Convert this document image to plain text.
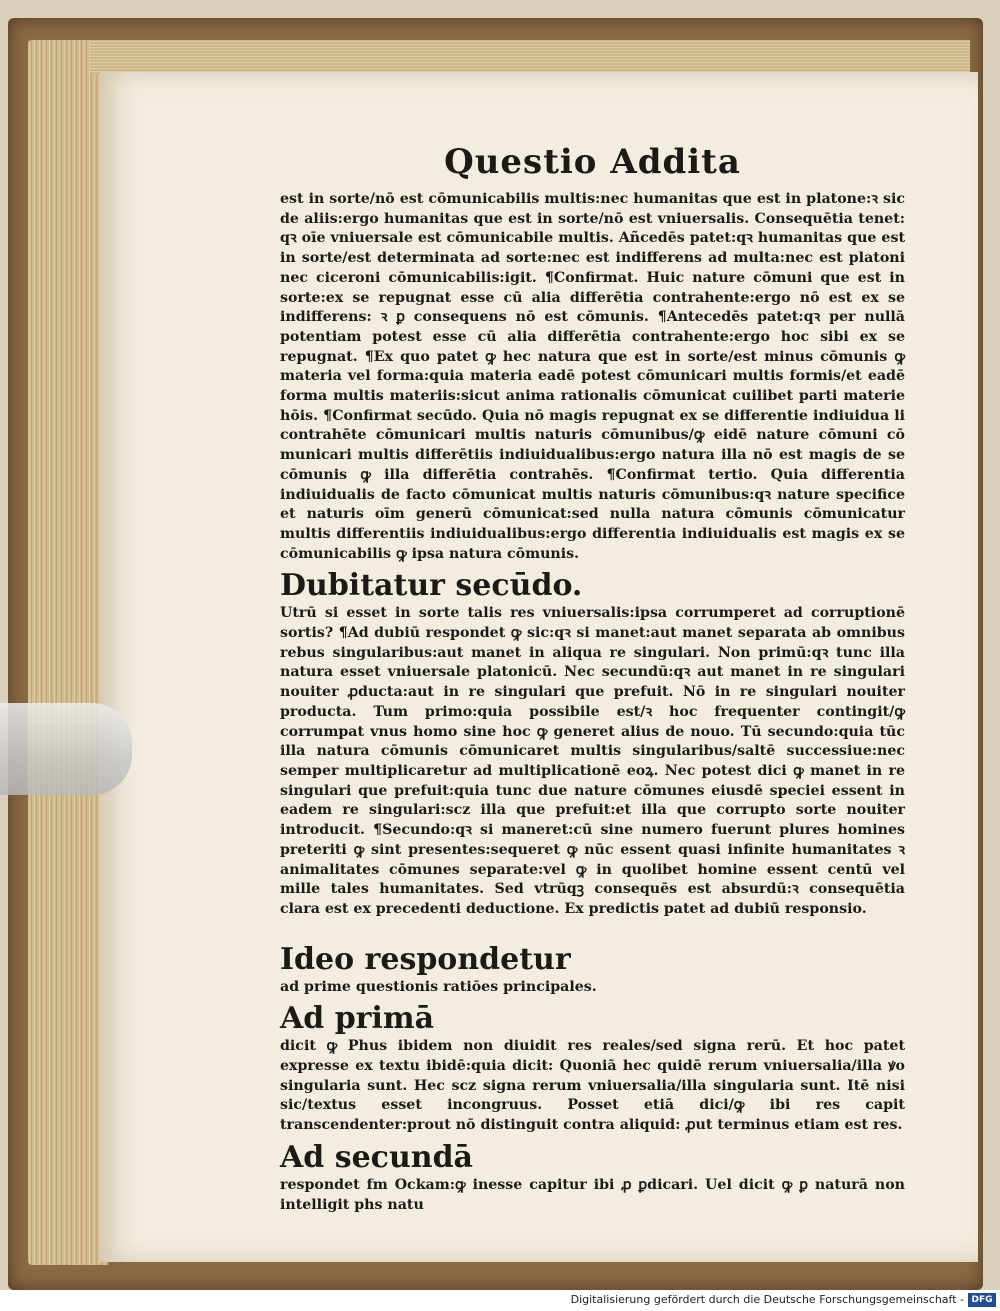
Questio Addita

est in sorte/nō est cōmunicabilis multis:nec humanitas que est in platone:ꝛ sic de aliis:ergo humanitas que est in sorte/nō est vniuersalis. Consequētia tenet: qꝛ oīe vniuersale est cōmunicabile multis. Añcedēs patet:qꝛ humanitas que est in sorte/est determinata ad sorte:nec est indifferens ad multa:nec est platoni nec ciceroni cōmunicabilis:igit. ¶Confirmat. Huic nature cōmuni que est in sorte:ex se repugnat esse cū alia differētia contrahente:ergo nō est ex se indifferens: ꝛ ꝑ consequens nō est cōmunis. ¶Antecedēs patet:qꝛ per nullā potentiam potest esse cū alia differētia contrahente:ergo hoc sibi ex se repugnat. ¶Ex quo patet ꝙ hec natura que est in sorte/est minus cōmunis ꝙ materia vel forma:quia materia eadē potest cōmunicari multis formis/et eadē forma multis materiis:sicut anima rationalis cōmunicat cuilibet parti materie hōis. ¶Confirmat secūdo. Quia nō magis repugnat ex se differentie indiuidua li contrahēte cōmunicari multis naturis cōmunibus/ꝙ eidē nature cōmuni cō municari multis differētiis indiuidualibus:ergo natura illa nō est magis de se cōmunis ꝙ illa differētia contrahēs. ¶Confirmat tertio. Quia differentia indiuidualis de facto cōmunicat multis naturis cōmunibus:qꝛ nature specifice et naturis oīm generū cōmunicat:sed nulla natura cōmunis cōmunicatur multis differentiis indiuidualibus:ergo differentia indiuidualis est magis ex se cōmunicabilis ꝙ ipsa natura cōmunis.

Dubitatur secūdo.
Utrū si esset in sorte talis res vniuersalis:ipsa corrumperet ad corruptionē sortis? ¶Ad dubiū respondet ꝙ sic:qꝛ si manet:aut manet separata ab omnibus rebus singularibus:aut manet in aliqua re singulari. Non primū:qꝛ tunc illa natura esset vniuersale platonicū. Nec secundū:qꝛ aut manet in re singulari nouiter ꝓducta:aut in re singulari que prefuit. Nō in re singulari nouiter producta. Tum primo:quia possibile est/ꝛ hoc frequenter contingit/ꝙ corrumpat vnus homo sine hoc ꝙ generet alius de nouo. Tū secundo:quia tūc illa natura cōmunis cōmunicaret multis singularibus/saltē successiue:nec semper multiplicaretur ad multiplicationē eoꝝ. Nec potest dici ꝙ manet in re singulari que prefuit:quia tunc due nature cōmunes eiusdē speciei essent in eadem re singulari:scz illa que prefuit:et illa que corrupto sorte nouiter introducit. ¶Secundo:qꝛ si maneret:cū sine numero fuerunt plures homines preteriti ꝙ sint presentes:sequeret ꝙ nūc essent quasi infinite humanitates ꝛ animalitates cōmunes separate:vel ꝙ in quolibet homine essent centū vel mille tales humanitates. Sed vtrūqꝫ consequēs est absurdū:ꝛ consequētia clara est ex precedenti deductione. Ex predictis patet ad dubiū responsio.

Ideo respondetur
ad prime questionis ratiōes principales.

Ad primā
dicit ꝙ Phus ibidem non diuidit res reales/sed signa rerū. Et hoc patet expresse ex textu ibidē:quia dicit: Quoniā hec quidē rerum vniuersalia/illa ꝟo singularia sunt. Hec scz signa rerum vniuersalia/illa singularia sunt. Itē nisi sic/textus esset incongruus. Posset etiā dici/ꝙ ibi res capit transcendenter:prout nō distinguit contra aliquid: ꝓut terminus etiam est res.

Ad secundā
respondet fm Ockam:ꝙ inesse capitur ibi ꝓ ꝑdicari. Uel dicit ꝙ ꝑ naturā non intelligit phs natu

Digitalisierung gefördert durch die Deutsche Forschungsgemeinschaft - DFG
